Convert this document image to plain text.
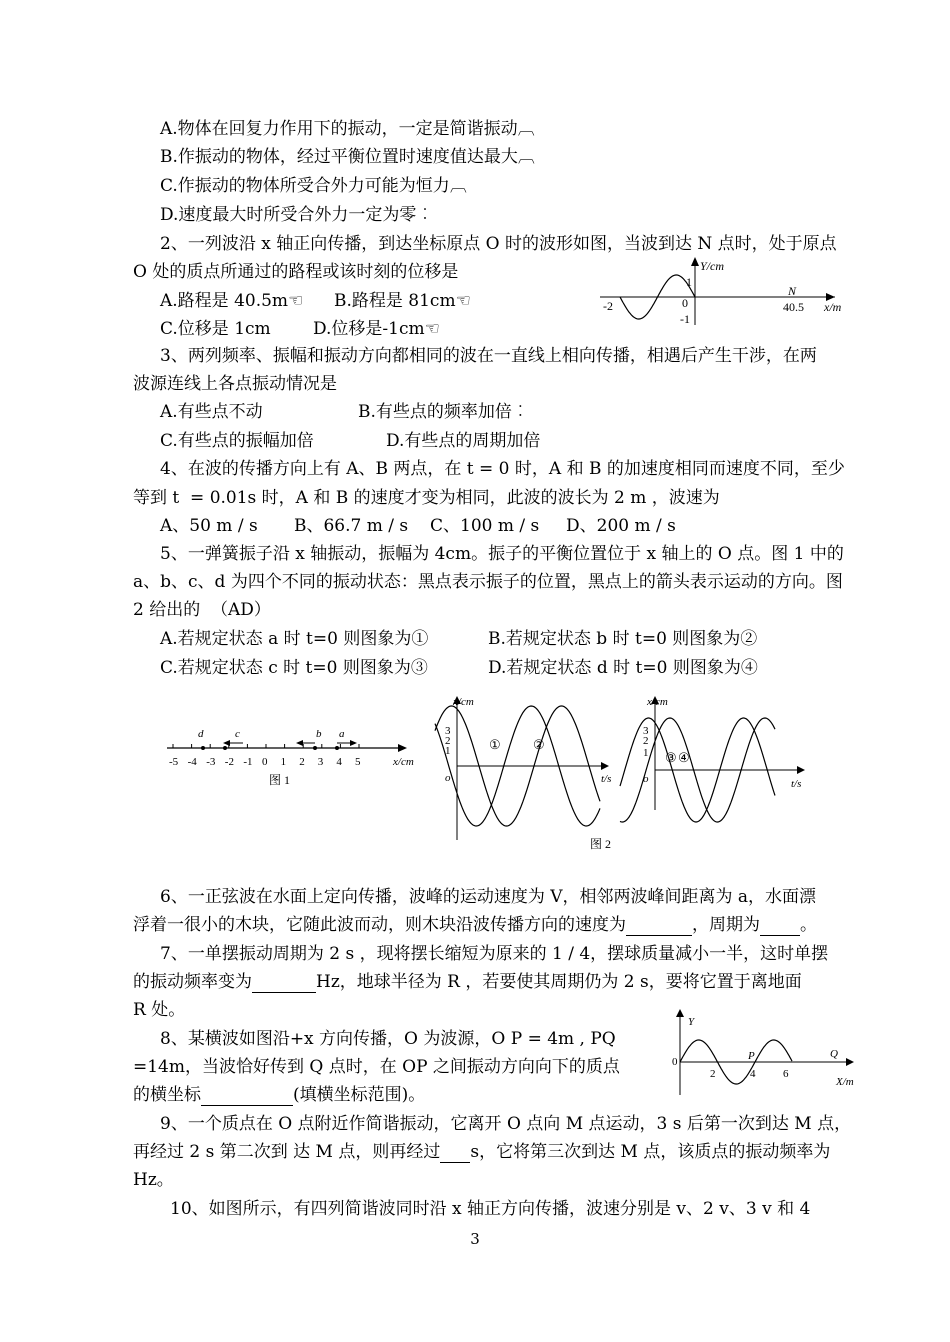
A.物体在回复力作用下的振动，一定是简谐振动︹
B.作振动的物体，经过平衡位置时速度值达最大︹
C.作振动的物体所受合外力可能为恒力︹
D.速度最大时所受合外力一定为零︰
2、一列波沿 x 轴正向传播，到达坐标原点 O 时的波形如图，当波到达 N 点时，处于原点
O 处的质点所通过的路程或该时刻的位移是
A.路程是 40.5m☜ B.路程是 81cm☜
C.位移是 1cm D.位移是-1cm☜
-2	0
1
-1
Y/cm
N
40.5 x/m
3、两列频率、振幅和振动方向都相同的波在一直线上相向传播，相遇后产生干涉，在两
波源连线上各点振动情况是
A.有些点不动	B.有些点的频率加倍︰
C.有些点的振幅加倍	D.有些点的周期加倍
4、在波的传播方向上有 A、B 两点，在 t = 0 时，A 和 B 的加速度相同而速度不同，至少
等到 t  = 0.01s 时，A 和 B 的速度才变为相同，此波的波长为 2 m ，波速为
A、50 m / s B、66.7 m / s C、100 m / s D、200 m / s
5、一弹簧振子沿 x 轴振动，振幅为 4cm。振子的平衡位置位于 x 轴上的 O 点。图 1 中的
a、b、c、d 为四个不同的振动状态：黑点表示振子的位置，黑点上的箭头表示运动的方向。图
2 给出的  （AD）
A.若规定状态 a 时 t=0 则图象为①	B.若规定状态 b 时 t=0 则图象为②
C.若规定状态 c 时 t=0 则图象为③	D.若规定状态 d 时 t=0 则图象为④
-5 -4 -3 -2 -1 0 1 2 3 4 5
d	c	b a
x/cm
图 1
x/cm
3
2
1
o	t/s
① ②
x/cm
3
2
1
o	t/s
③ ④
图 2
6、一正弦波在水面上定向传播，波峰的运动速度为 V，相邻两波峰间距离为 a，水面漂
浮着一很小的木块，它随此波而动，则木块沿波传播方向的速度为	，周期为 。
7、一单摆振动周期为 2 s ，现将摆长缩短为原来的 1 / 4，摆球质量减小一半，这时单摆
的振动频率变为	Hz，地球半径为 R ，若要使其周期仍为 2 s，要将它置于离地面
R 处。
8、某横波如图沿+x 方向传播，O 为波源，O P = 4m , PQ
=14m，当波恰好传到 Q 点时，在 OP 之间振动方向向下的质点
的横坐标	(填横坐标范围)。
Y
0
2	4	6
P	Q
X/m
9、一个质点在 O 点附近作简谐振动，它离开 O 点向 M 点运动，3 s 后第一次到达 M 点，
再经过 2 s 第二次到 达 M 点，则再经过 s，它将第三次到达 M 点，该质点的振动频率为
Hz。
10、如图所示，有四列简谐波同时沿 x 轴正方向传播，波速分别是 v、2 v、3 v 和 4
3
